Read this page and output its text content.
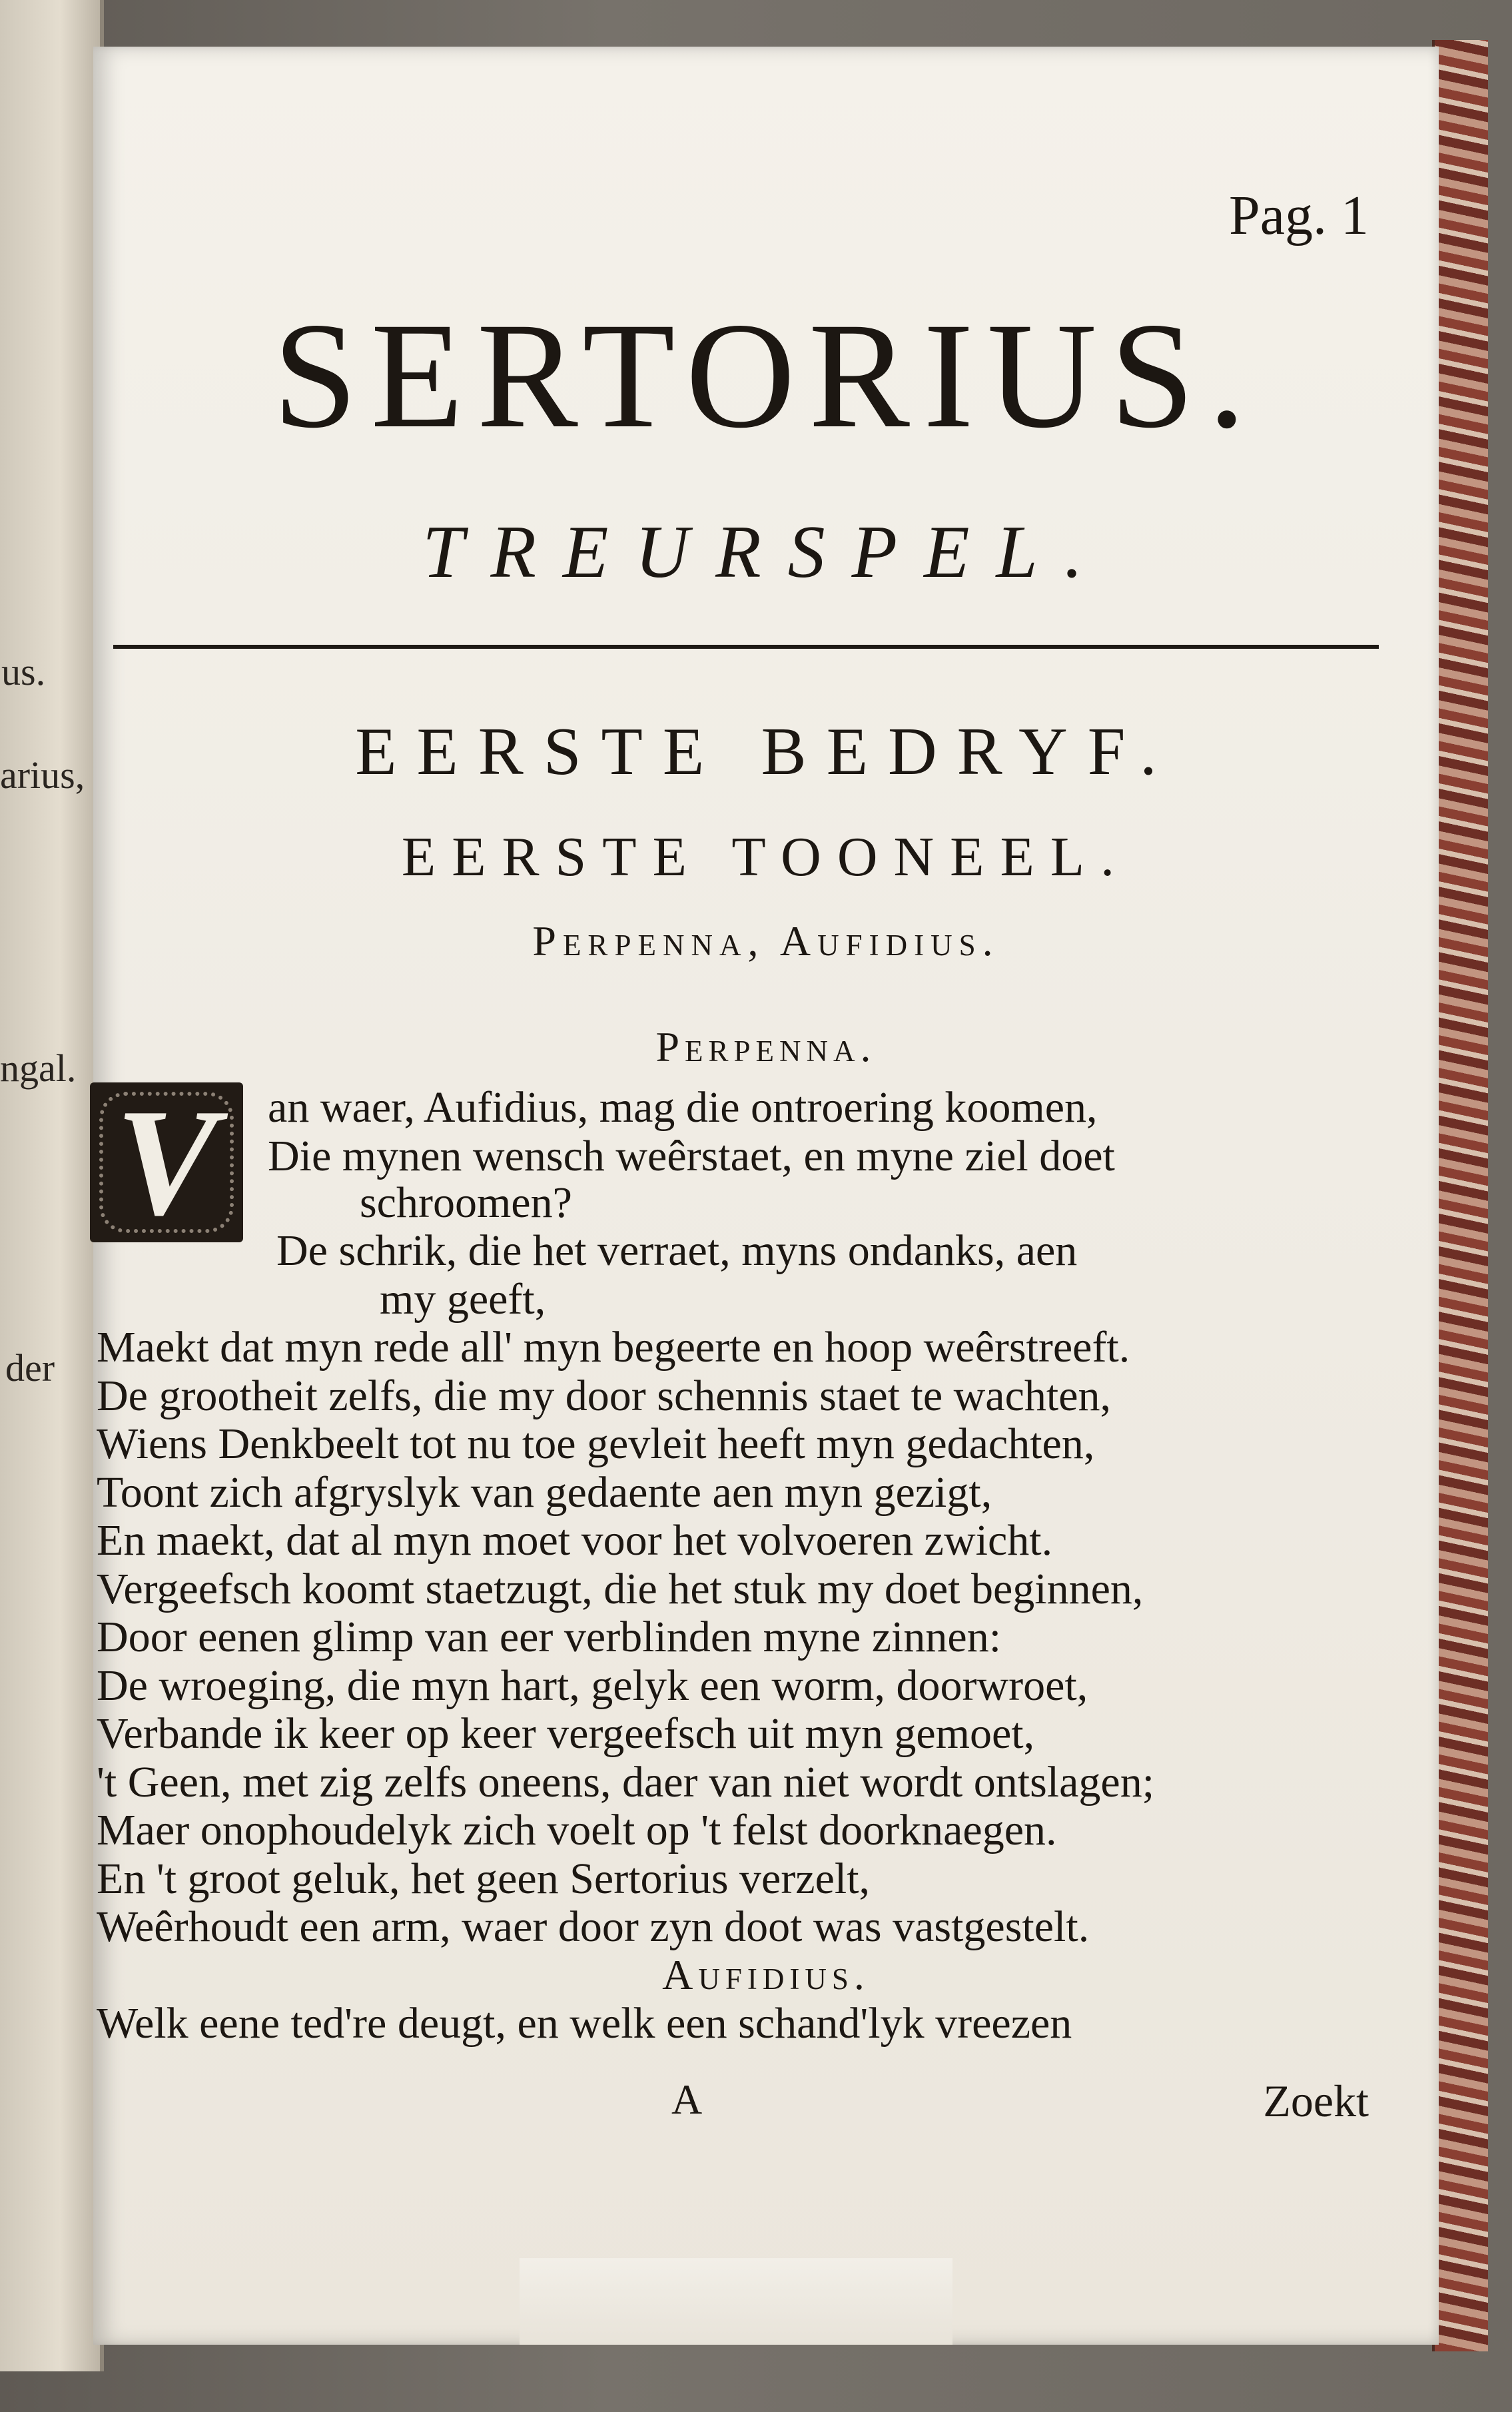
us.
arius,
ngal.
der
Pag. 1
SERTORIUS.
TREURSPEL.
EERSTE BEDRYF.
EERSTE TOONEEL.
Perpenna, Aufidius.
Perpenna.
V an waer, Aufidius, mag die ontroering koomen,
Die mynen wensch weêrstaet, en myne ziel doet
schroomen?
De schrik, die het verraet, myns ondanks, aen
my geeft,
Maekt dat myn rede all' myn begeerte en hoop weêrstreeft.
De grootheit zelfs, die my door schennis staet te wachten,
Wiens Denkbeelt tot nu toe gevleit heeft myn gedachten,
Toont zich afgryslyk van gedaente aen myn gezigt,
En maekt, dat al myn moet voor het volvoeren zwicht.
Vergeefsch koomt staetzugt, die het stuk my doet beginnen,
Door eenen glimp van eer verblinden myne zinnen:
De wroeging, die myn hart, gelyk een worm, doorwroet,
Verbande ik keer op keer vergeefsch uit myn gemoet,
't Geen, met zig zelfs oneens, daer van niet wordt ontslagen;
Maer onophoudelyk zich voelt op 't felst doorknaegen.
En 't groot geluk, het geen Sertorius verzelt,
Weêrhoudt een arm, waer door zyn doot was vastgestelt.
Aufidius.
Welk eene ted're deugt, en welk een schand'lyk vreezen
A	Zoekt
